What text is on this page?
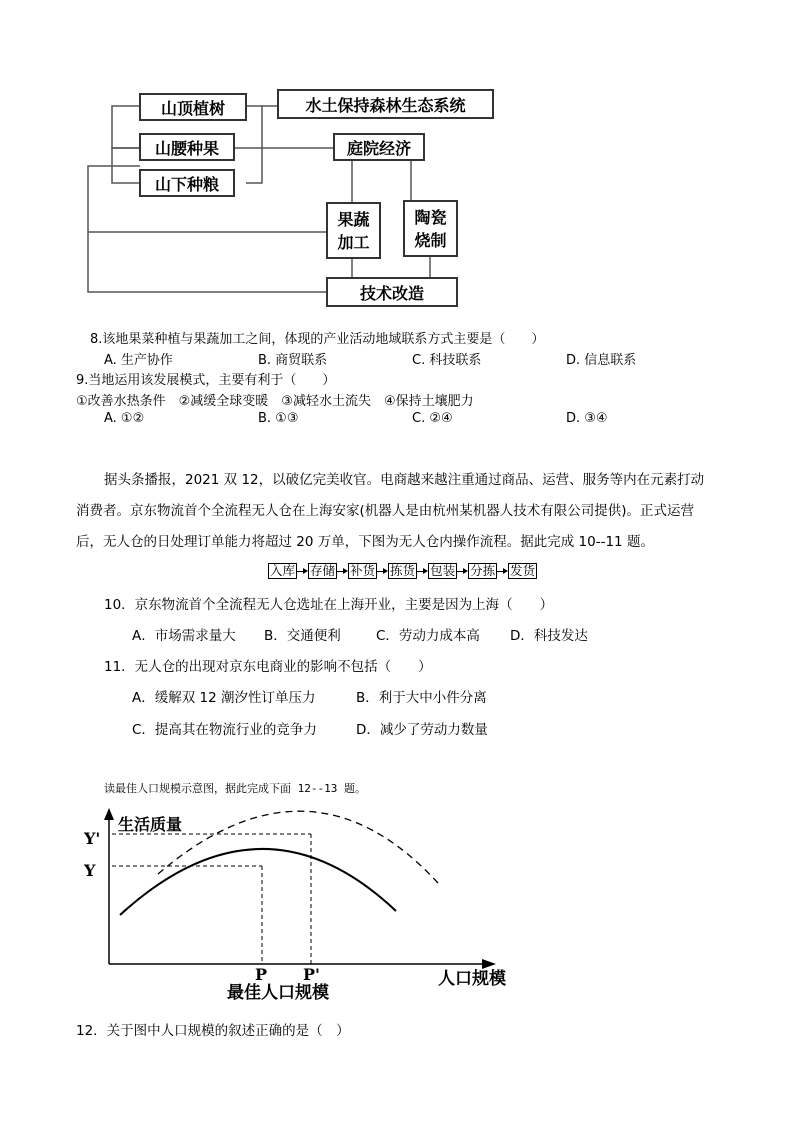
山顶植树
山腰种果
山下种粮
水土保持森林生态系统
庭院经济
果蔬
加工
陶瓷
烧制
技术改造
8.该地果菜种植与果蔬加工之间，体现的产业活动地域联系方式主要是（　　）
A. 生产协作	B. 商贸联系	C. 科技联系	D. 信息联系
9.当地运用该发展模式，主要有利于（　　）
①改善水热条件　②减缓全球变暖　③减轻水土流失　④保持土壤肥力
A. ①②	B. ①③	C. ②④	D. ③④
据头条播报，2021 双 12，以破亿完美收官。电商越来越注重通过商品、运营、服务等内在元素打动
消费者。京东物流首个全流程无人仓在上海安家(机器人是由杭州某机器人技术有限公司提供)。正式运营
后，无人仓的日处理订单能力将超过 20 万单，下图为无人仓内操作流程。据此完成 10--11 题。
入库 存储 补货 拣货 包装 分拣 发货
10．京东物流首个全流程无人仓选址在上海开业，主要是因为上海（　　）
A．市场需求量大 B．交通便利	C．劳动力成本高 D．科技发达
11．无人仓的出现对京东电商业的影响不包括（　　）
A．缓解双 12 潮汐性订单压力	B．利于大中小件分离
C．提高其在物流行业的竞争力	D．减少了劳动力数量
读最佳人口规模示意图，据此完成下面 12--13 题。
生活质量
Y'
Y
P P'	人口规模
最佳人口规模
12．关于图中人口规模的叙述正确的是（　）
